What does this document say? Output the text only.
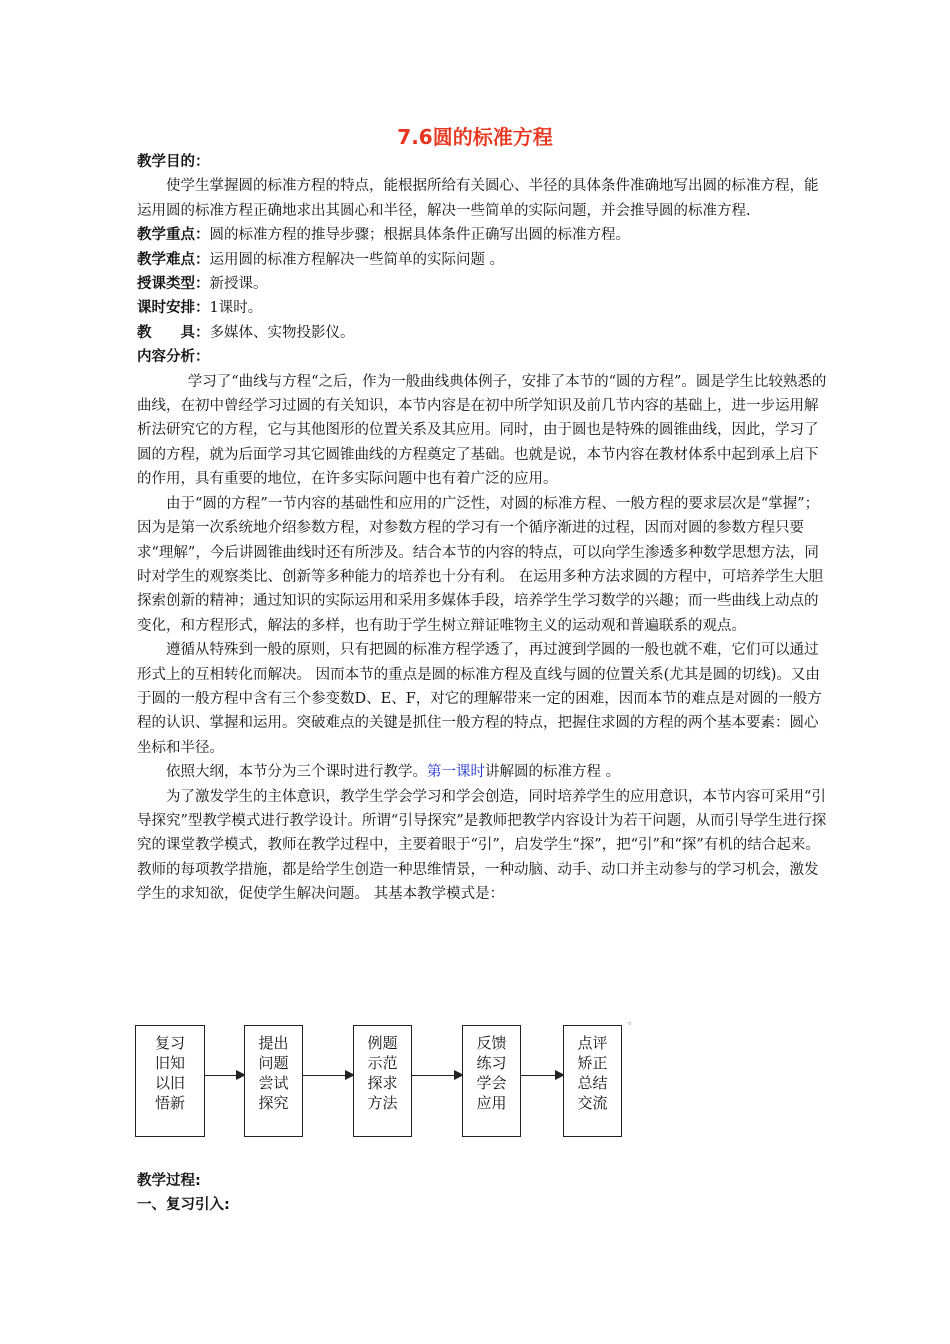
7.6圆的标准方程

教学目的：

使学生掌握圆的标准方程的特点，能根据所给有关圆心、半径的具体条件准确地写出圆的标准方程，能运用圆的标准方程正确地求出其圆心和半径，解决一些简单的实际问题，并会推导圆的标准方程.

教学重点：圆的标准方程的推导步骤；根据具体条件正确写出圆的标准方程。

教学难点：运用圆的标准方程解决一些简单的实际问题 。

授课类型：新授课。

课时安排：1课时。

教　　具：多媒体、实物投影仪。

内容分析：

学习了“曲线与方程“之后，作为一般曲线典体例子，安排了本节的“圆的方程”。圆是学生比较熟悉的曲线，在初中曾经学习过圆的有关知识，本节内容是在初中所学知识及前几节内容的基础上，进一步运用解析法研究它的方程，它与其他图形的位置关系及其应用。同时，由于圆也是特殊的圆锥曲线，因此，学习了圆的方程，就为后面学习其它圆锥曲线的方程奠定了基础。也就是说，本节内容在教材体系中起到承上启下的作用，具有重要的地位，在许多实际问题中也有着广泛的应用。

由于“圆的方程”一节内容的基础性和应用的广泛性，对圆的标准方程、一般方程的要求层次是“掌握”；因为是第一次系统地介绍参数方程，对参数方程的学习有一个循序渐进的过程，因而对圆的参数方程只要求“理解”，今后讲圆锥曲线时还有所涉及。结合本节的内容的特点，可以向学生渗透多种数学思想方法，同时对学生的观察类比、创新等多种能力的培养也十分有利。 在运用多种方法求圆的方程中，可培养学生大胆探索创新的精神；通过知识的实际运用和采用多媒体手段，培养学生学习数学的兴趣；而一些曲线上动点的变化，和方程形式，解法的多样，也有助于学生树立辩证唯物主义的运动观和普遍联系的观点。

遵循从特殊到一般的原则，只有把圆的标准方程学透了，再过渡到学圆的一般也就不难，它们可以通过形式上的互相转化而解决。 因而本节的重点是圆的标准方程及直线与圆的位置关系(尤其是圆的切线)。又由于圆的一般方程中含有三个参变数D、E、F，对它的理解带来一定的困难，因而本节的难点是对圆的一般方程的认识、掌握和运用。突破难点的关键是抓住一般方程的特点，把握住求圆的方程的两个基本要素：圆心坐标和半径。

依照大纲，本节分为三个课时进行教学。第一课时讲解圆的标准方程 。

为了激发学生的主体意识，教学生学会学习和学会创造，同时培养学生的应用意识，本节内容可采用“引导探究”型教学模式进行教学设计。所谓“引导探究”是教师把教学内容设计为若干问题，从而引导学生进行探究的课堂教学模式，教师在教学过程中，主要着眼于“引”，启发学生“探”，把“引”和“探”有机的结合起来。教师的每项教学措施，都是给学生创造一种思维情景，一种动脑、动手、动口并主动参与的学习机会，激发学生的求知欲，促使学生解决问题。 其基本教学模式是：

复习
旧知
以旧
悟新
提出
问题
尝试
探究
例题
示范
探求
方法
反馈
练习
学会
应用
点评
矫正
总结
交流
。

教学过程:

一、复习引入:
